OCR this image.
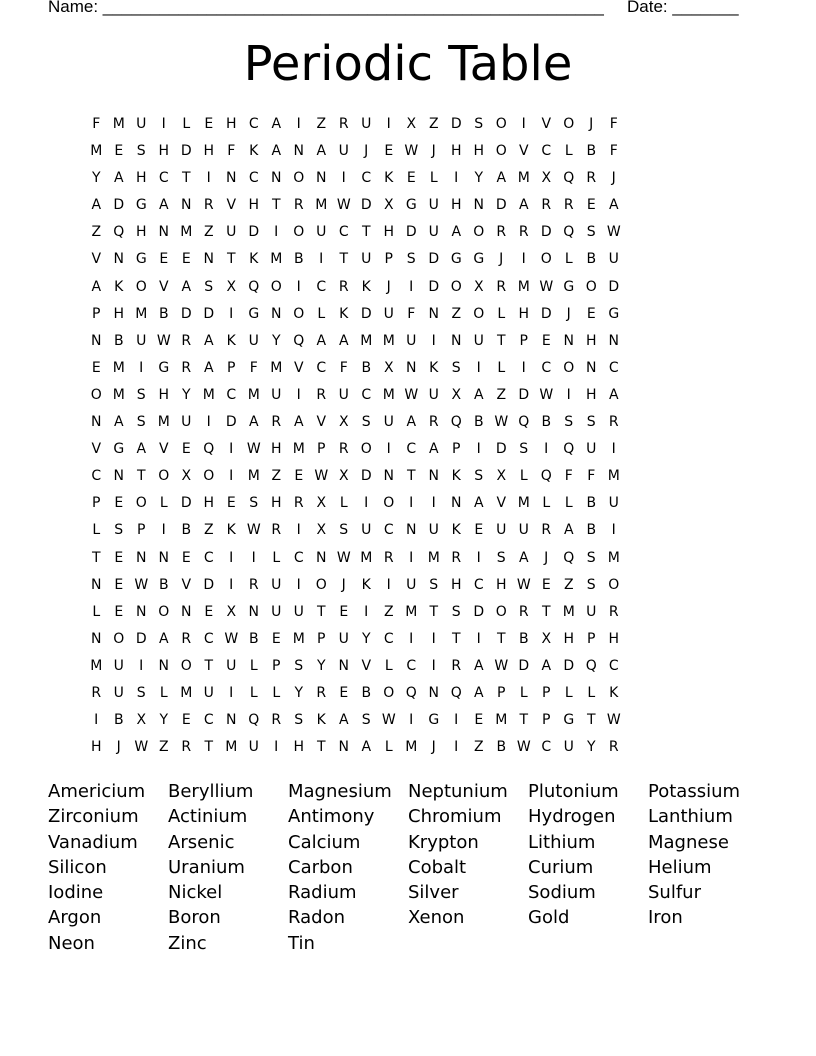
Name: _____________________________________________________ Date: _______
Periodic Table
F M U	I	L	E H C A	I	Z R U	I	X Z D S O	I	V O	J	F
M E S H D H F K A N A U	J	E W J	H H O V C L B F
Y A H C T	I	N C N O N	I	C K E	L	I	Y A M X Q R	J
A D G A N R V H T R M W D X G U H N D A R R E A
Z Q H N M Z U D	I	O U C T H D U A O R R D Q S W
V N G E E N T K M B	I	T U P S D G G	J	I	O L B U
A K O V A S X Q O	I	C R K	J	I	D O X R M W G O D
P H M B D D	I	G N O L	K D U F N Z O L H D	J	E G
N B U W R A K U Y Q A A M M U	I	N U T P E N H N
E M	I	G R A P	F M V C F B X N K S	I	L	I	C O N C
O M S H Y M C M U	I	R U C M W U X A Z D W I	H A
N A S M U	I	D A R A V X S U A R Q B W Q B S S R
V G A V E Q	I W H M P R O	I	C A P	I	D S	I	Q U	I
C N T O X O	I	M Z E W X D N T N K S X L Q F	F M
P E O L D H E S H R X L	I	O	I	I	N A V M L	L B U
L	S P	I	B Z K W R	I	X S U C N U K E U U R A B	I
T E N N E C	I	I	L C N W M R	I	M R	I	S A	J	Q S M
N E W B V D	I	R U	I	O	J	K	I	U S H C H W E Z S O
L	E N O N E X N U U T E	I	Z M T S D O R T M U R
N O D A R C W B E M P U Y C	I	I	T	I	T B X H P H
M U	I	N O T U L	P S Y N V L C	I	R A W D A D Q C
R U S	L M U	I	L	L	Y R E B O Q N Q A P	L	P	L	L	K
I	B X Y E C N Q R S K A S W I	G	I	E M T P G T W
H	J W Z R T M U	I	H T N A L M	J	I	Z B W C U Y R
Americium	Beryllium	Magnesium Neptunium	Plutonium	Potassium
Zirconium	Actinium	Antimony	Chromium	Hydrogen	Lanthium
Vanadium	Arsenic	Calcium	Krypton	Lithium	Magnese
Silicon	Uranium	Carbon	Cobalt	Curium	Helium
Iodine	Nickel	Radium	Silver	Sodium	Sulfur
Argon	Boron	Radon	Xenon	Gold	Iron
Neon	Zinc	Tin
